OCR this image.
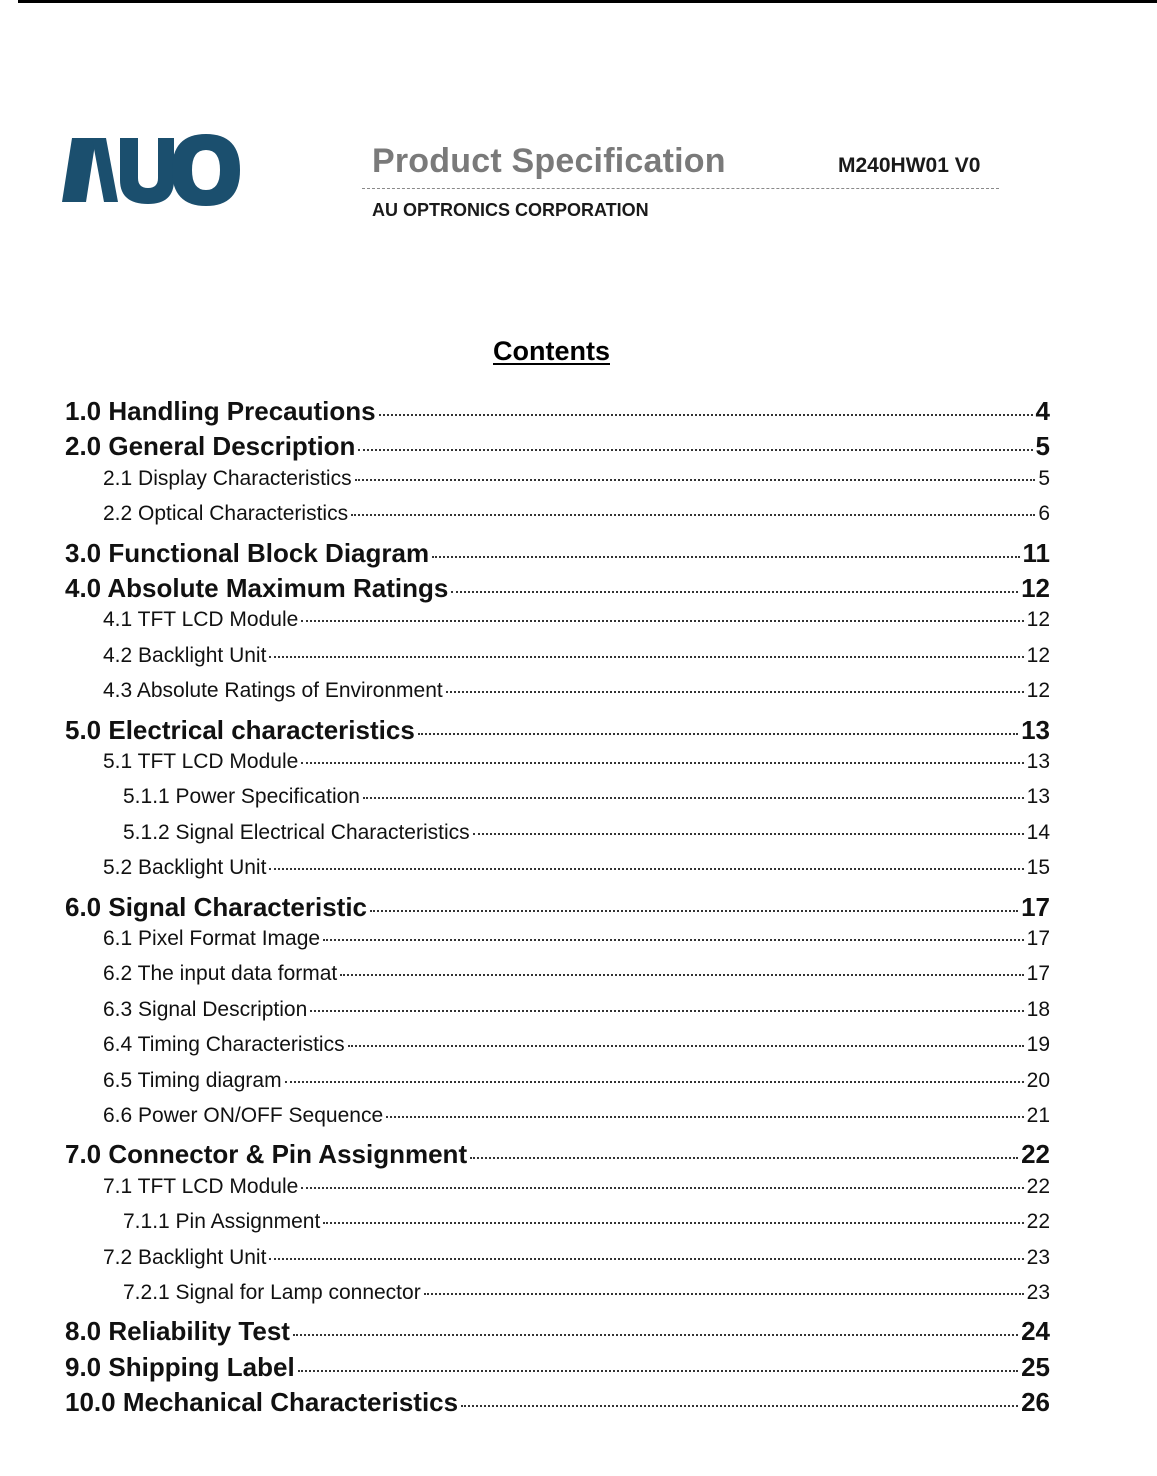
Product Specification	M240HW01 V0
AU OPTRONICS CORPORATION
Contents
1.0 Handling Precautions	4
2.0 General Description	5
2.1 Display Characteristics	5
2.2 Optical Characteristics	6
3.0 Functional Block Diagram	11
4.0 Absolute Maximum Ratings	12
4.1 TFT LCD Module	12
4.2 Backlight Unit	12
4.3 Absolute Ratings of Environment	12
5.0 Electrical characteristics	13
5.1 TFT LCD Module	13
5.1.1 Power Specification	13
5.1.2 Signal Electrical Characteristics	14
5.2 Backlight Unit	15
6.0 Signal Characteristic	17
6.1 Pixel Format Image	17
6.2 The input data format	17
6.3 Signal Description	18
6.4 Timing Characteristics	19
6.5 Timing diagram	20
6.6 Power ON/OFF Sequence	21
7.0 Connector & Pin Assignment	22
7.1 TFT LCD Module	22
7.1.1 Pin Assignment	22
7.2 Backlight Unit	23
7.2.1 Signal for Lamp connector	23
8.0 Reliability Test	24
9.0 Shipping Label	25
10.0 Mechanical Characteristics	26
